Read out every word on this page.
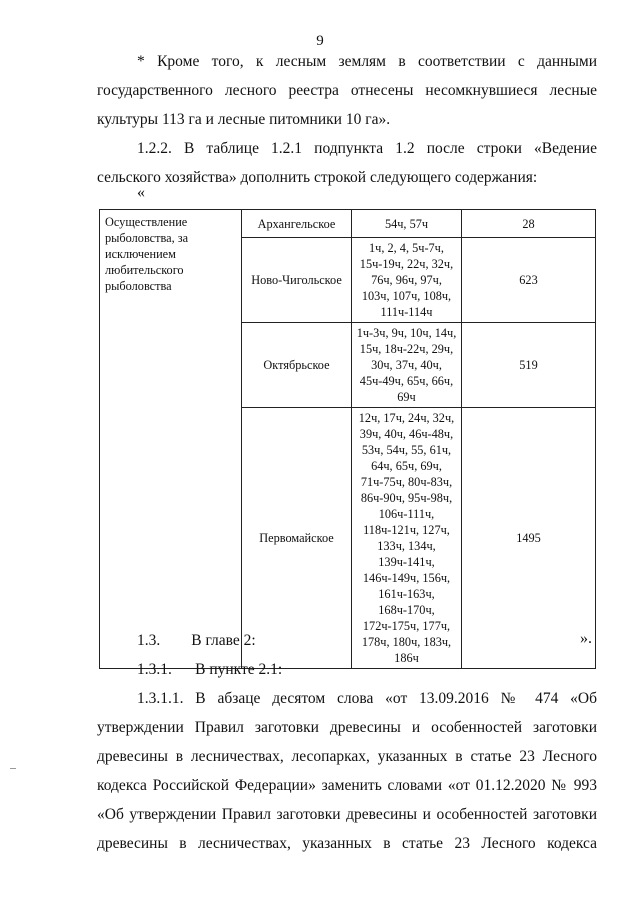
9

* Кроме того, к лесным землям в соответствии с данными

государственного лесного реестра отнесены несомкнувшиеся лесные

культуры 113 га и лесные питомники 10 га».

1.2.2. В таблице 1.2.1 подпункта 1.2 после строки «Ведение

сельского хозяйства» дополнить строкой следующего содержания:

«
Осуществление рыболовства, за исключением любительского рыболовства	Архангельское	54ч, 57ч	28
	Ново-Чигольское	1ч, 2, 4, 5ч-7ч, 15ч-19ч, 22ч, 32ч, 76ч, 96ч, 97ч, 103ч, 107ч, 108ч, 111ч-114ч	623
	Октябрьское	1ч-3ч, 9ч, 10ч, 14ч, 15ч, 18ч-22ч, 29ч, 30ч, 37ч, 40ч, 45ч-49ч, 65ч, 66ч, 69ч	519
	Первомайское	12ч, 17ч, 24ч, 32ч, 39ч, 40ч, 46ч-48ч, 53ч, 54ч, 55, 61ч, 64ч, 65ч, 69ч, 71ч-75ч, 80ч-83ч, 86ч-90ч, 95ч-98ч, 106ч-111ч, 118ч-121ч, 127ч, 133ч, 134ч, 139ч-141ч, 146ч-149ч, 156ч, 161ч-163ч, 168ч-170ч, 172ч-175ч, 177ч, 178ч, 180ч, 183ч, 186ч	1495
».

1.3.        В главе 2:

1.3.1.      В пункте 2.1:

1.3.1.1. В абзаце десятом слова «от 13.09.2016 № 474 «Об

утверждении Правил заготовки древесины и особенностей заготовки

древесины в лесничествах, лесопарках, указанных в статье 23 Лесного

кодекса Российской Федерации» заменить словами «от 01.12.2020 № 993

«Об утверждении Правил заготовки древесины и особенностей заготовки

древесины в лесничествах, указанных в статье 23 Лесного кодекса
